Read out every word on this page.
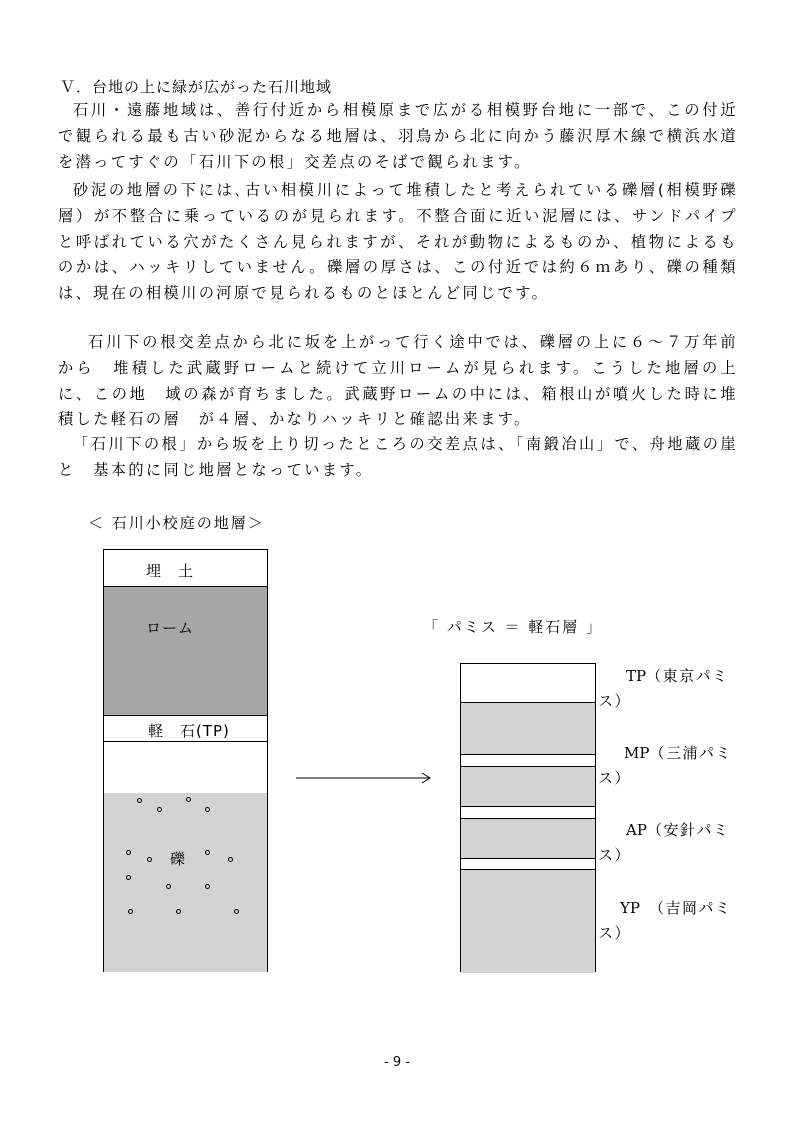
Ｖ．台地の上に緑が広がった石川地域

石川・遠藤地域は、善行付近から相模原まで広がる相模野台地に一部で、この付近で観られる最も古い砂泥からなる地層は、羽鳥から北に向かう藤沢厚木線で横浜水道を潜ってすぐの「石川下の根」交差点のそばで観られます。

砂泥の地層の下には､古い相模川によって堆積したと考えられている礫層(相模野礫層）が不整合に乗っているのが見られます。不整合面に近い泥層には、サンドパイプと呼ばれている穴がたくさん見られますが、それが動物によるものか、植物によるものかは、ハッキリしていません。礫層の厚さは、この付近では約６ｍあり、礫の種類は、現在の相模川の河原で見られるものとほとんど同じです。

石川下の根交差点から北に坂を上がって行く途中では、礫層の上に６～７万年前から　堆積した武蔵野ロームと続けて立川ロームが見られます。こうした地層の上に、この地　域の森が育ちました。武蔵野ロームの中には、箱根山が噴火した時に堆積した軽石の層　が４層、かなりハッキリと確認出来ます。

「石川下の根」から坂を上り切ったところの交差点は、「南鍛冶山」で、舟地蔵の崖と　基本的に同じ地層となっています。

＜ 石川小校庭の地層＞
埋　土
ローム
軽　石(TP)
礫
「 パミス ＝ 軽石層 」
TP（東京パミス）
MP（三浦パミス）
AP（安針パミス）
YP　（吉岡パミス）
- 9 -
